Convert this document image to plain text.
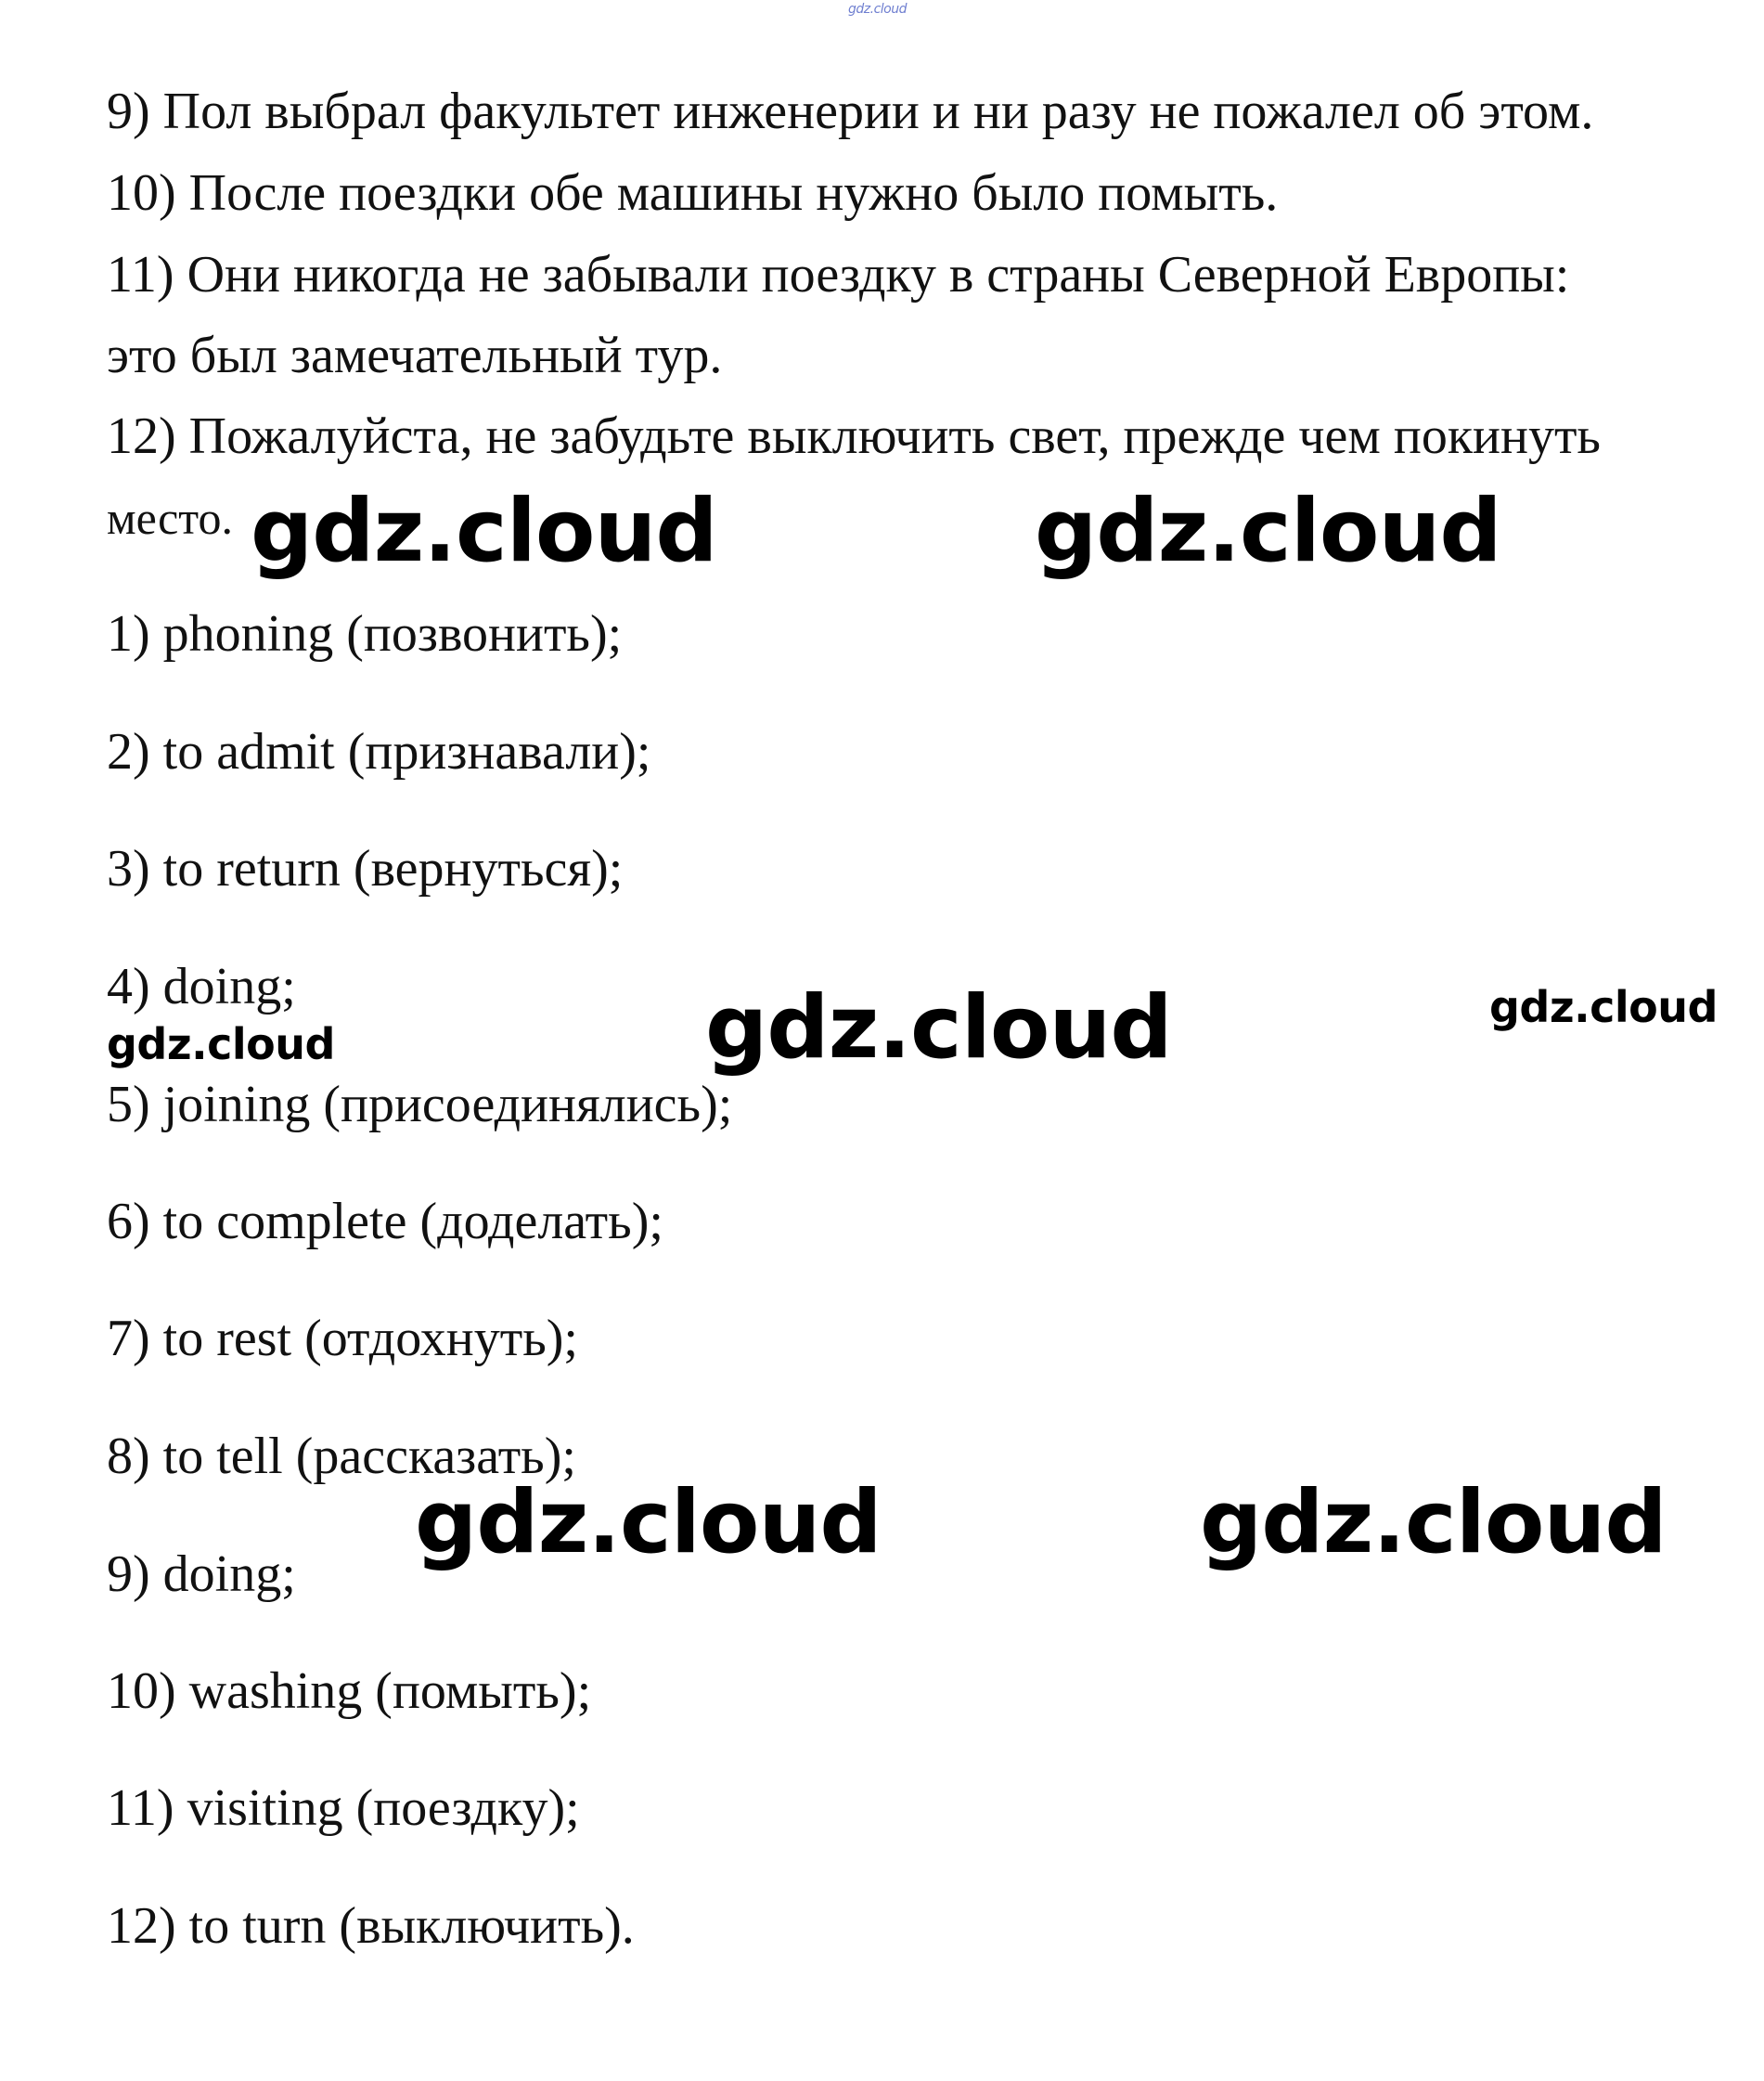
gdz.cloud
9) Пол выбрал факультет инженерии и ни разу не пожалел об этом.
10) После поездки обе машины нужно было помыть.
11) Они никогда не забывали поездку в страны Северной Европы:
это был замечательный тур.
12) Пожалуйста, не забудьте выключить свет, прежде чем покинуть
место.
1) phoning (позвонить);
2) to admit (признавали);
3) to return (вернуться);
4) doing;
5) joining (присоединялись);
6) to complete (доделать);
7) to rest (отдохнуть);
8) to tell (рассказать);
9) doing;
10) washing (помыть);
11) visiting (поездку);
12) to turn (выключить).
gdz.cloud	gdz.cloud
gdz.cloud	gdz.cloud
gdz.cloud
gdz.cloud	gdz.cloud
